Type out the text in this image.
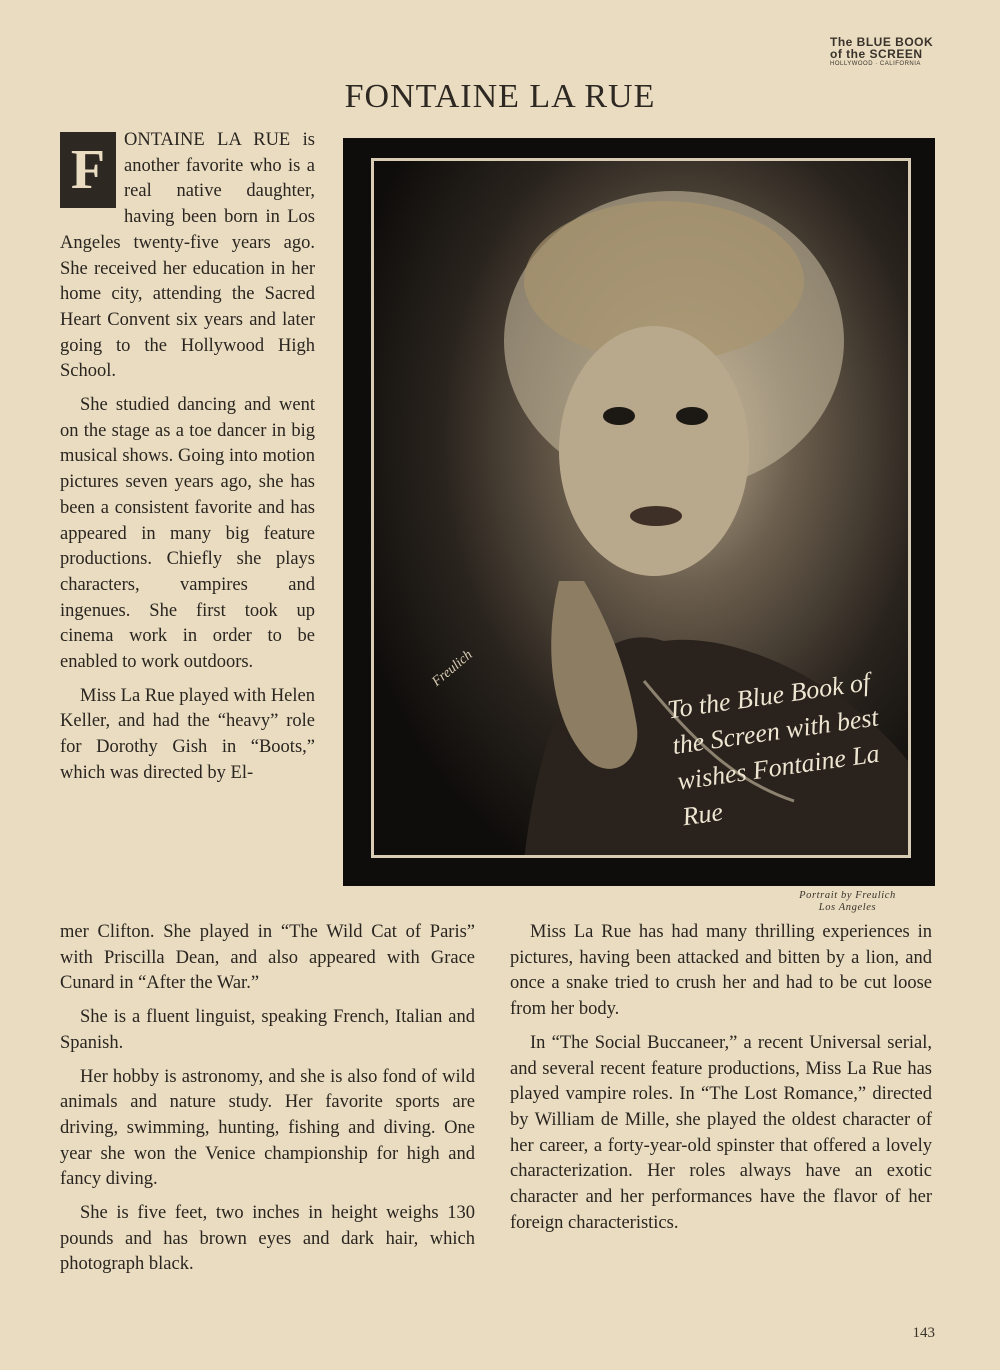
The BLUE BOOK
of the SCREEN
HOLLYWOOD · CALIFORNIA
FONTAINE LA RUE
F	ONTAINE LA RUE is another favorite who is a real native daughter, having been born in Los Angeles twenty-five years ago. She received her education in her home city, attending the Sacred Heart Convent six years and later going to the Hollywood High School.

She studied dancing and went on the stage as a toe dancer in big musical shows. Going into motion pictures seven years ago, she has been a consistent favorite and has appeared in many big feature productions. Chiefly she plays characters, vampires and ingenues. She first took up cinema work in order to be enabled to work outdoors.

Miss La Rue played with Helen Keller, and had the “heavy” role for Dorothy Gish in “Boots,” which was directed by El-

Freulich	To the Blue Book of the Screen with best wishes Fontaine La Rue
Portrait by Freulich
Los Angeles

mer Clifton. She played in “The Wild Cat of Paris” with Priscilla Dean, and also appeared with Grace Cunard in “After the War.”

She is a fluent linguist, speaking French, Italian and Spanish.

Her hobby is astronomy, and she is also fond of wild animals and nature study. Her favorite sports are driving, swimming, hunting, fishing and diving. One year she won the Venice championship for high and fancy diving.

She is five feet, two inches in height weighs 130 pounds and has brown eyes and dark hair, which photograph black.

Miss La Rue has had many thrilling experiences in pictures, having been attacked and bitten by a lion, and once a snake tried to crush her and had to be cut loose from her body.

In “The Social Buccaneer,” a recent Universal serial, and several recent feature productions, Miss La Rue has played vampire roles. In “The Lost Romance,” directed by William de Mille, she played the oldest character of her career, a forty-year-old spinster that offered a lovely characterization. Her roles always have an exotic character and her performances have the flavor of her foreign characteristics.

143
